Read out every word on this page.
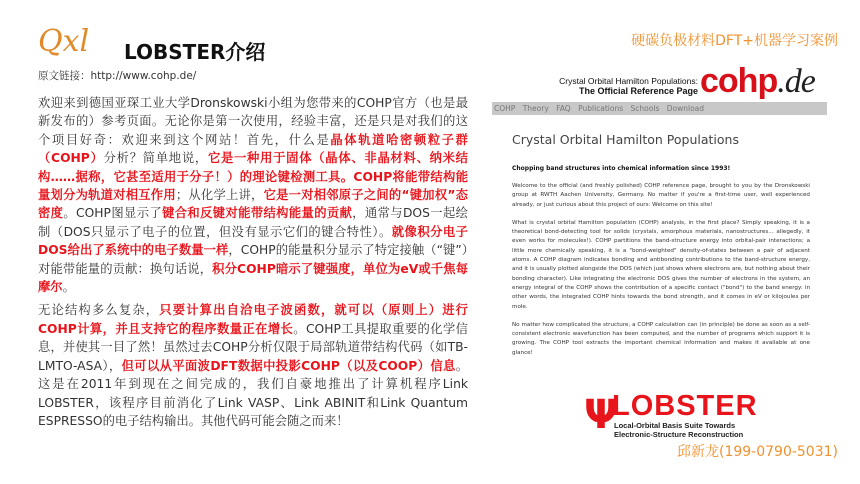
Qxl LOBSTER介绍	硬碳负极材料DFT+机器学习案例
原文链接：http://www.cohp.de/

欢迎来到德国亚琛工业大学Dronskowski小组为您带来的COHP官方（也是最新发布的）参考页面。无论你是第一次使用，经验丰富，还是只是对我们的这个项目好奇：欢迎来到这个网站！首先，什么是晶体轨道哈密顿粒子群（COHP）分析？简单地说，它是一种用于固体（晶体、非晶材料、纳米结构……据称，它甚至适用于分子！）的理论键检测工具。COHP将能带结构能量划分为轨道对相互作用；从化学上讲，它是一对相邻原子之间的“键加权”态密度。COHP图显示了键合和反键对能带结构能量的贡献，通常与DOS一起绘制（DOS只显示了电子的位置，但没有显示它们的键合特性）。就像积分电子DOS给出了系统中的电子数量一样，COHP的能量积分显示了特定接触（“键”）对能带能量的贡献：换句话说，积分COHP暗示了键强度，单位为eV或千焦每摩尔。

无论结构多么复杂，只要计算出自洽电子波函数，就可以（原则上）进行COHP计算，并且支持它的程序数量正在增长。COHP工具提取重要的化学信息，并使其一目了然！虽然过去COHP分析仅限于局部轨道带结构代码（如TB-LMTO-ASA），但可以从平面波DFT数据中投影COHP（以及COOP）信息。这是在2011年到现在之间完成的，我们自豪地推出了计算机程序Link LOBSTER，该程序目前消化了Link VASP、Link ABINIT和Link Quantum ESPRESSO的电子结构输出。其他代码可能会随之而来！

Crystal Orbital Hamilton Populations:
The Official Reference Page cohp.de
COHP Theory FAQ Publications Schools Download
Crystal Orbital Hamilton Populations
Chopping band structures into chemical information since 1993!

Welcome to the official (and freshly polished) COHP reference page, brought to you by the Dronskowski group at RWTH Aachen University, Germany. No matter if you're a first-time user, well experienced already, or just curious about this project of ours: Welcome on this site!

What is crystal orbital Hamilton population (COHP) analysis, in the first place? Simply speaking, it is a theoretical bond-detecting tool for solids (crystals, amorphous materials, nanostructures... allegedly, it even works for molecules!). COHP partitions the band-structure energy into orbital-pair interactions; a little more chemically speaking, it is a "bond-weighted" density-of-states between a pair of adjacent atoms. A COHP diagram indicates bonding and antibonding contributions to the band-structure energy, and it is usually plotted alongside the DOS (which just shows where electrons are, but nothing about their bonding character). Like integrating the electronic DOS gives the number of electrons in the system, an energy integral of the COHP shows the contribution of a specific contact ("bond") to the band energy: in other words, the integrated COHP hints towards the bond strength, and it comes in eV or kilojoules per mole.

No matter how complicated the structure, a COHP calculation can (in principle) be done as soon as a self-consistent electronic wavefunction has been computed, and the number of programs which support it is growing. The COHP tool extracts the important chemical information and makes it available at one glance!

Ψ
LOBSTER
Local-Orbital Basis Suite Towards
Electronic-Structure Reconstruction
邱新龙(199-0790-5031)
